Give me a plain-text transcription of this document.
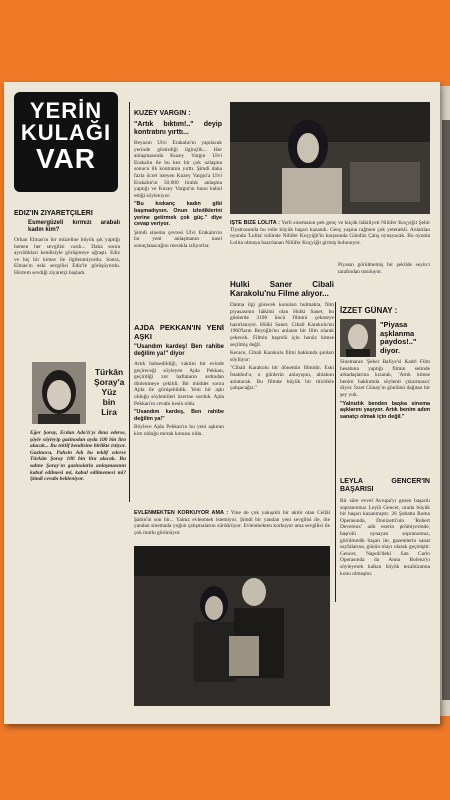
YERİN
KULAĞI
VAR
EDİZ'İN ZİYARETÇİLERİ
Esmergüzeli kırmızı arabalı kadın kim?

Orhan Elmas'ın bir müzeline büyük şık yaptığı hemen her sevgilisi vardı... Daha sonra ayrıldıkları kendisiyle görüşmeye uğraştı. Ediz ve hiç bir kimse ile ilgilenmiyordu. Sonra, Elmas'ın eski sevgilisi Ediz'le görüşüyordu. Hürrem sevdiği ziyaretçi başladı.

Türkân
Şoray'a
Yüz
bin
Lira

Eğer Şoray, Ecdan Ada'lı'yı ikna ederse, şöyle söyleyip gazinodan ayda 100 bin lira alacak... Bu teklif kendisine birlikte istiyor. Gazinocu, Pahsin Adı bu teklif ederse Türkân Şoray 100 bin lira alacak. Bu sahne Şoray'ın gazinolarla anlaşmasının kabul edilmesi mi, kabul edilmemesi mi? Şimdi cevabı bekleniyor.

KUZEY VARGIN :
"Artık bıktım!.." deyip kontratını yırttı...

Beyazın Ulvi Erakalın'ın yapılacak yerinde göstirdiği ilginçlik... Her anlaşmasında Kuzey Vargın Ulvi Erakalın ile bu kez bir çok uzlaşma sonucu ilk kontratını yırttı. Şimdi daha fazla ücret isteyen Kuzey Vargın'a Ulvi Erakalın'ın 50.000 liralık anlaşma yaptığı ve Kuzey Vargın'ın bunu kabul ettiği söyleniyor.

"Bu kıskanç kadın gibi başmadıysın. Onun izlediklerini yerine getirmek çok güç." diye cevap veriyor.

Şimdi sinema çevresi Ulvi Erakalın'ın bu yeni anlaşmanın nasıl sonuçlanacağını merakla izliyorlar.

AJDA PEKKAN'IN YENİ AŞKI
"Usandım kardeş! Ben rahibe değilim ya!" diyor

Artık bahsedildiği, vaktini bir evinde geçireceği söyleyen Ajda Pekkan, geçirdiği zor haftaların ardından dinlenmeye çekildi. Bir müddet sonra Ajda ile görüşebildik. Yeni bir aşkı olduğu söylentileri üzerine sorduk. Ajda Pekkan'ın cevabı kesin oldu.

"Usandım kardeş, Ben rahibe değilim ya!"

Böylece Ajda Pekkan'ın bu yeni aşkının kim olduğu merak konusu oldu.

İŞTE BİZE LOLİTA : Yerli sinemanın pek genç ve küçük hâkiliyeti Nilüfer Koçyiğit Şehir Tiyatrosunda bu rolle büyük başarı kazandı. Genç yaşına rağmen çok yetenekli. Anlatılan oyunda 'Lolita' rolünde Nilüfer Koçyiğit'in karşısında Gündüz Çalış oynayacak. Bu oyunla Lolita olmaya hazırlanan Nilüfer Koçyiğit girmiş bulunuyor.

Hulki Saner Cibali Karakolu'nu Filme alıyor...

Daima ilgi görecek konuları bulmakta, film piyasasının hâkimi olan Hulki Saner, bu günlerde 3100 üncü filmini çekmeye hazırlanıyor. Hülki Saner, Cibali Karakolu'nu 1960'ların Beyoğlu'nu anlatan bir film olarak çekecek. Filmin başrolü için henüz kimse seçilmiş değil.

Kerace, Cibali Karakolu filmi hakkında şunları söylüyor:

"Cibali Karakolu bir dönemin filmidir. Eski İstanbul'u, o günlerin anlayışını, ahlakını anlatacak. Bu filmde büyük bir titizlikle çalışacağız."

Piyasın görülmemiş bir şekilde seyirci tarafından tutuluyor.

İZZET GÜNAY :
"Piyasa aşklanma paydos!.." diyor.

Sinemanın 'Şeker Bafiye'si Kadri Film hesabına yaptığı filmin setinde arkadaşlarına kızarak, 'Artık kimse benim hakkımda söylenti çıkarmasın' diyor. İzzet Günay'ın gönlünü dağıtan bir şey yok.

"Yalnızlık benden başka sinema aşklarını yaşıyor. Artık benim adım sanatçı olmak için değil."

LEYLÂ GENCER'İN BAŞARISI

Bir süre evvel Avrupa'yı gezen başarılı sopranomuz Leylâ Gencer, orada büyük bir başarı kazanmıştır. 26 Şubatta Roma Operasında, Donizetti'nin 'Robert Devereux' adlı eserin prömiyerinde, başrolü oynayan sopranomuz, görülmedik başarı ile, gazetelerin sanat sayfalarına, günün olayı olarak geçmiştir. Gencer, Napoli'deki San Carlo Operasında da Anna Bolena'yı söyleyerek halkın büyük tezahüratına konu olmuştur.

EVLENMEKTEN KORKUYOR AMA : Yine de çok yakışıklı bir aktör olan Cellâl Şahin'in son bir... Yalnız evlenmek istemiyor. Şimdi bir yandan yeni sevgilisi ile, öte yandan sinemada yoğun çalışmalarını sürdürüyor. Evlenmekten korkuyor ama sevgilisi ile çok mutlu görünüyor.
